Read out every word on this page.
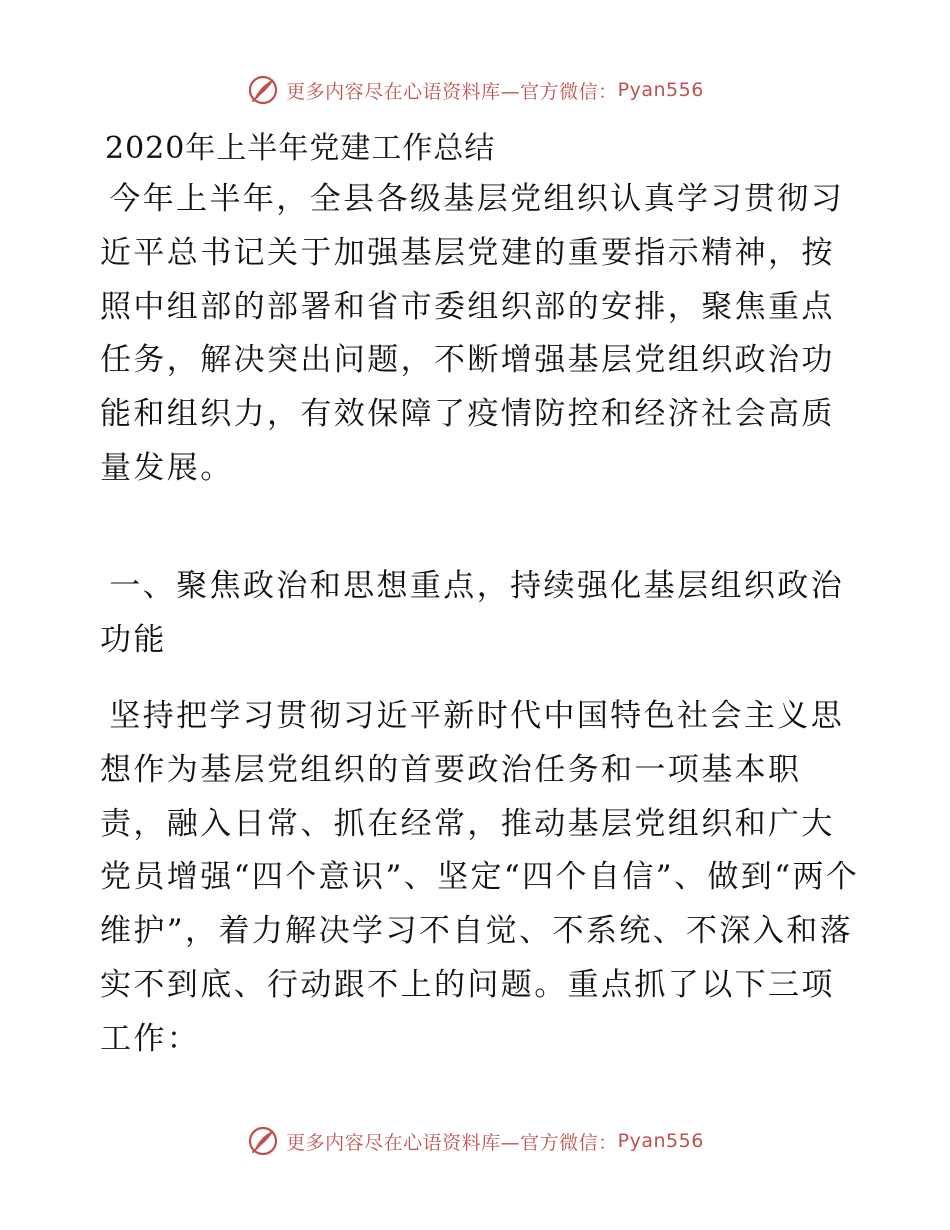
更多内容尽在心语资料库—官方微信： Pyan556
2020年上半年党建工作总结

今年上半年，全县各级基层党组织认真学习贯彻习近平总书记关于加强基层党建的重要指示精神，按照中组部的部署和省市委组织部的安排，聚焦重点任务，解决突出问题，不断增强基层党组织政治功能和组织力，有效保障了疫情防控和经济社会高质量发展。

一、聚焦政治和思想重点，持续强化基层组织政治功能

坚持把学习贯彻习近平新时代中国特色社会主义思想作为基层党组织的首要政治任务和一项基本职责，融入日常、抓在经常，推动基层党组织和广大党员增强“四个意识”、坚定“四个自信”、做到“两个维护”，着力解决学习不自觉、不系统、不深入和落实不到底、行动跟不上的问题。重点抓了以下三项工作：

更多内容尽在心语资料库—官方微信： Pyan556
